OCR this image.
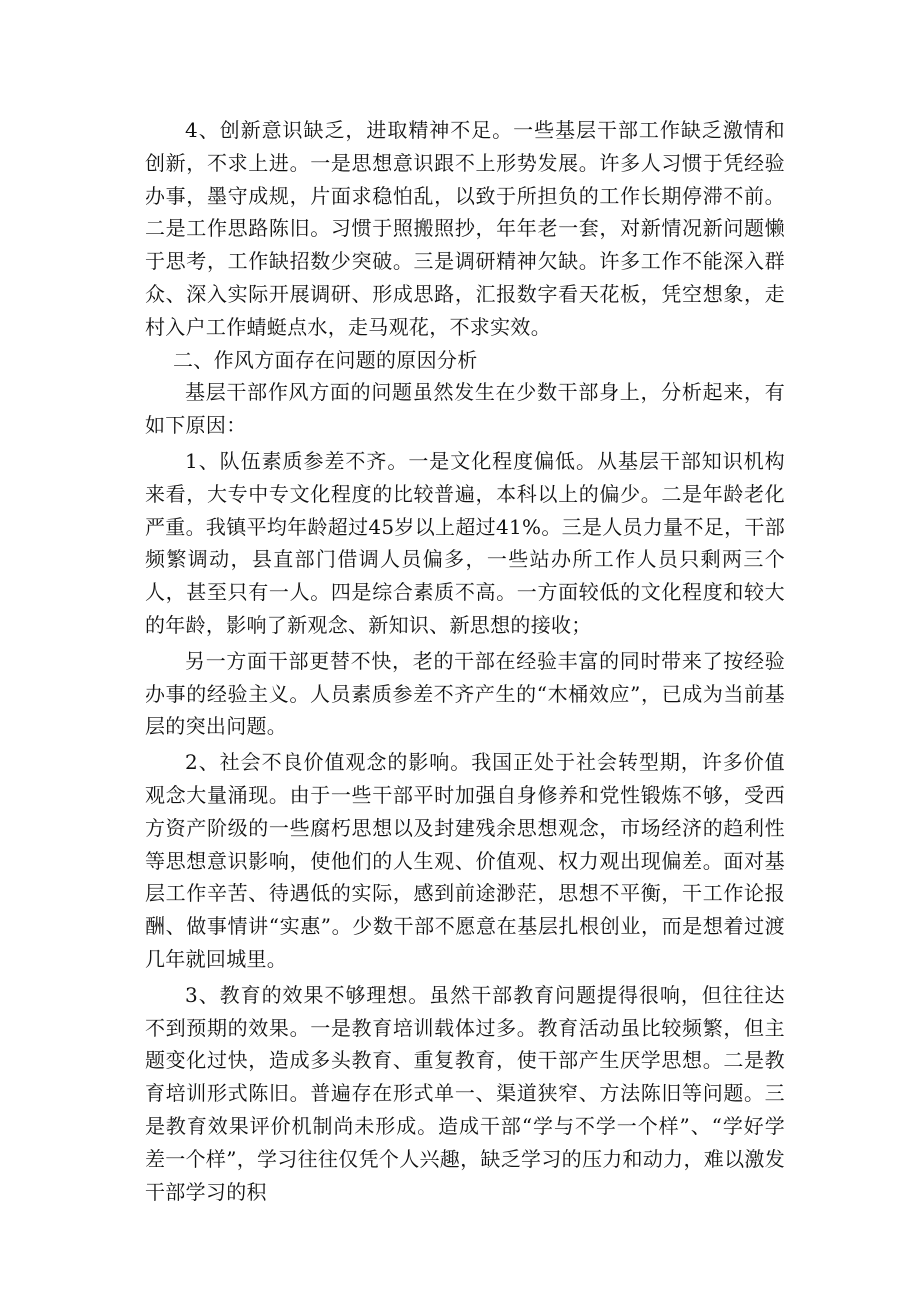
4、创新意识缺乏，进取精神不足。一些基层干部工作缺乏激情和创新，不求上进。一是思想意识跟不上形势发展。许多人习惯于凭经验办事，墨守成规，片面求稳怕乱，以致于所担负的工作长期停滞不前。二是工作思路陈旧。习惯于照搬照抄，年年老一套，对新情况新问题懒于思考，工作缺招数少突破。三是调研精神欠缺。许多工作不能深入群众、深入实际开展调研、形成思路，汇报数字看天花板，凭空想象，走村入户工作蜻蜓点水，走马观花，不求实效。

二、作风方面存在问题的原因分析

基层干部作风方面的问题虽然发生在少数干部身上，分析起来，有如下原因：

1、队伍素质参差不齐。一是文化程度偏低。从基层干部知识机构来看，大专中专文化程度的比较普遍，本科以上的偏少。二是年龄老化严重。我镇平均年龄超过45岁以上超过41%。三是人员力量不足，干部频繁调动，县直部门借调人员偏多，一些站办所工作人员只剩两三个人，甚至只有一人。四是综合素质不高。一方面较低的文化程度和较大的年龄，影响了新观念、新知识、新思想的接收；

另一方面干部更替不快，老的干部在经验丰富的同时带来了按经验办事的经验主义。人员素质参差不齐产生的“木桶效应”，已成为当前基层的突出问题。

2、社会不良价值观念的影响。我国正处于社会转型期，许多价值观念大量涌现。由于一些干部平时加强自身修养和党性锻炼不够，受西方资产阶级的一些腐朽思想以及封建残余思想观念，市场经济的趋利性等思想意识影响，使他们的人生观、价值观、权力观出现偏差。面对基层工作辛苦、待遇低的实际，感到前途渺茫，思想不平衡，干工作论报酬、做事情讲“实惠”。少数干部不愿意在基层扎根创业，而是想着过渡几年就回城里。

3、教育的效果不够理想。虽然干部教育问题提得很响，但往往达不到预期的效果。一是教育培训载体过多。教育活动虽比较频繁，但主题变化过快，造成多头教育、重复教育，使干部产生厌学思想。二是教育培训形式陈旧。普遍存在形式单一、渠道狭窄、方法陈旧等问题。三是教育效果评价机制尚未形成。造成干部“学与不学一个样”、“学好学差一个样”，学习往往仅凭个人兴趣，缺乏学习的压力和动力，难以激发干部学习的积
